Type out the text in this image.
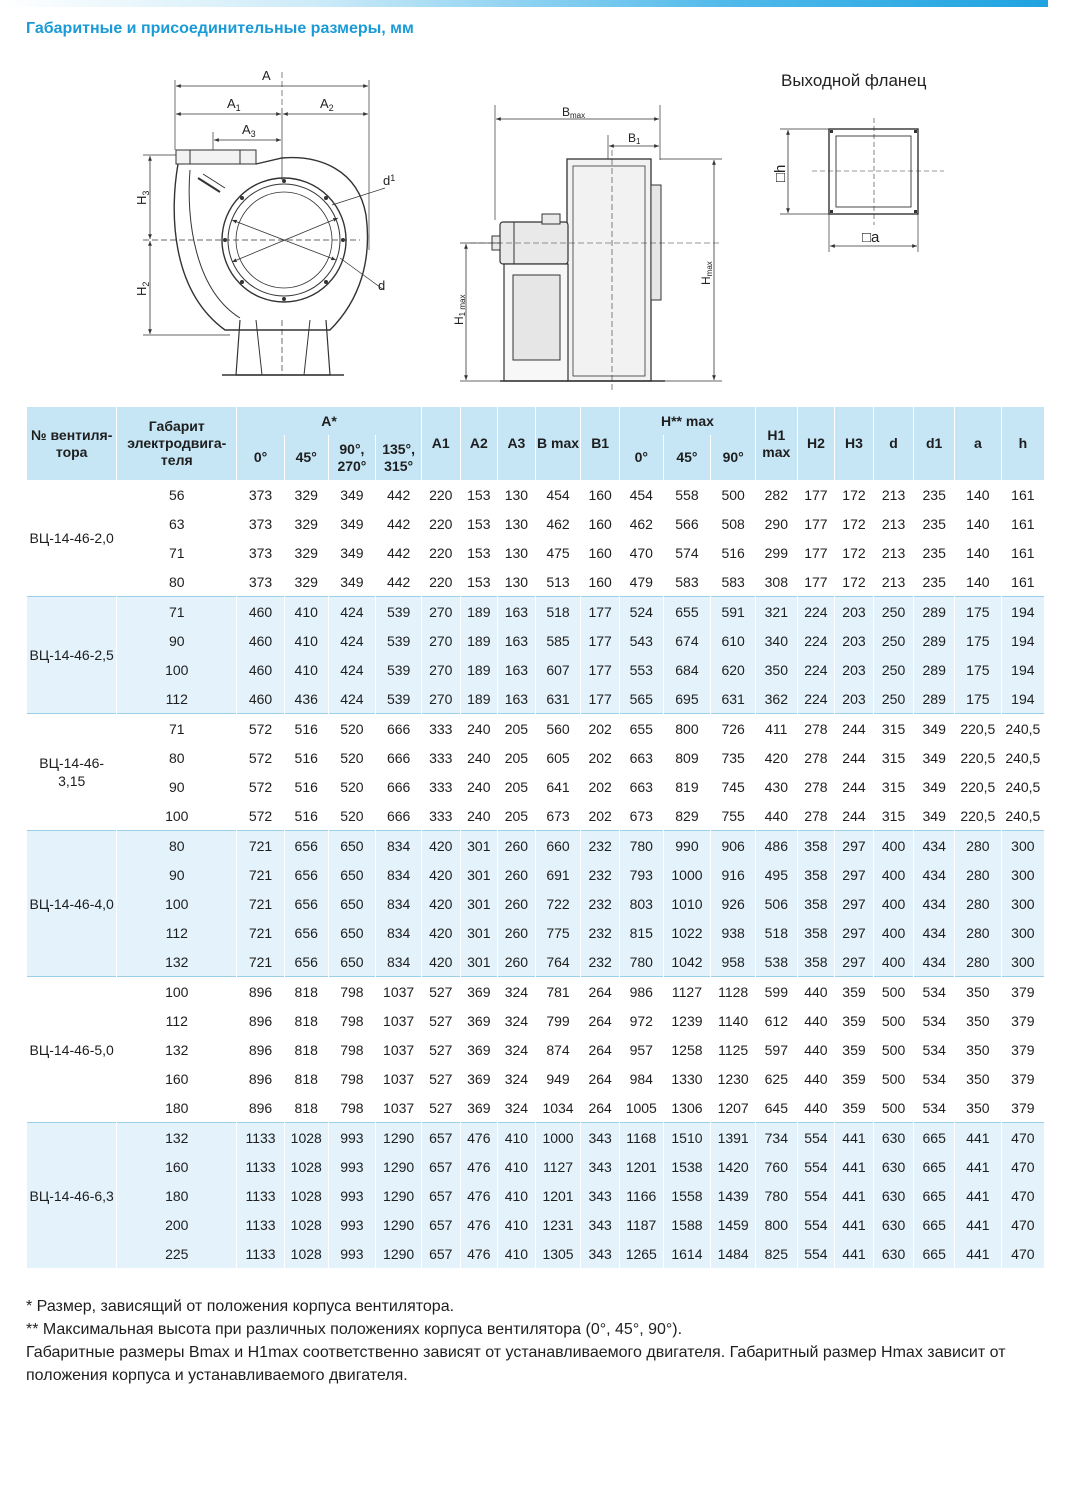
Габаритные и присоединительные размеры, мм
A
$A_1$	$A_2$
$A_3$
$H_3$
$H_2$
$d^1$
d
Bmax
B1
H1 max
Hmax
□h
□a
Выходной фланец
№ вентилятора	Габарит электродвигателя	A*				A1	A2	A3	B max	B1	H** max			H1 max	H2	H3	d	d1	a	h
		0°	45°	90°, 270°	135°, 315°						0°	45°	90°							
ВЦ-14-46-2,0	56	373	329	349	442	220	153	130	454	160	454	558	500	282	177	172	213	235	140	161
	63	373	329	349	442	220	153	130	462	160	462	566	508	290	177	172	213	235	140	161
	71	373	329	349	442	220	153	130	475	160	470	574	516	299	177	172	213	235	140	161
	80	373	329	349	442	220	153	130	513	160	479	583	583	308	177	172	213	235	140	161
ВЦ-14-46-2,5	71	460	410	424	539	270	189	163	518	177	524	655	591	321	224	203	250	289	175	194
	90	460	410	424	539	270	189	163	585	177	543	674	610	340	224	203	250	289	175	194
	100	460	410	424	539	270	189	163	607	177	553	684	620	350	224	203	250	289	175	194
	112	460	436	424	539	270	189	163	631	177	565	695	631	362	224	203	250	289	175	194
ВЦ-14-46-3,15	71	572	516	520	666	333	240	205	560	202	655	800	726	411	278	244	315	349	220,5	240,5
	80	572	516	520	666	333	240	205	605	202	663	809	735	420	278	244	315	349	220,5	240,5
	90	572	516	520	666	333	240	205	641	202	663	819	745	430	278	244	315	349	220,5	240,5
	100	572	516	520	666	333	240	205	673	202	673	829	755	440	278	244	315	349	220,5	240,5
ВЦ-14-46-4,0	80	721	656	650	834	420	301	260	660	232	780	990	906	486	358	297	400	434	280	300
	90	721	656	650	834	420	301	260	691	232	793	1000	916	495	358	297	400	434	280	300
	100	721	656	650	834	420	301	260	722	232	803	1010	926	506	358	297	400	434	280	300
	112	721	656	650	834	420	301	260	775	232	815	1022	938	518	358	297	400	434	280	300
	132	721	656	650	834	420	301	260	764	232	780	1042	958	538	358	297	400	434	280	300
ВЦ-14-46-5,0	100	896	818	798	1037	527	369	324	781	264	986	1127	1128	599	440	359	500	534	350	379
	112	896	818	798	1037	527	369	324	799	264	972	1239	1140	612	440	359	500	534	350	379
	132	896	818	798	1037	527	369	324	874	264	957	1258	1125	597	440	359	500	534	350	379
	160	896	818	798	1037	527	369	324	949	264	984	1330	1230	625	440	359	500	534	350	379
	180	896	818	798	1037	527	369	324	1034	264	1005	1306	1207	645	440	359	500	534	350	379
ВЦ-14-46-6,3	132	1133	1028	993	1290	657	476	410	1000	343	1168	1510	1391	734	554	441	630	665	441	470
	160	1133	1028	993	1290	657	476	410	1127	343	1201	1538	1420	760	554	441	630	665	441	470
	180	1133	1028	993	1290	657	476	410	1201	343	1166	1558	1439	780	554	441	630	665	441	470
	200	1133	1028	993	1290	657	476	410	1231	343	1187	1588	1459	800	554	441	630	665	441	470
	225	1133	1028	993	1290	657	476	410	1305	343	1265	1614	1484	825	554	441	630	665	441	470

* Размер, зависящий от положения корпуса вентилятора.

** Максимальная высота при различных положениях корпуса вентилятора (0°, 45°, 90°).

Габаритные размеры Bmax и H1max соответственно зависят от устанавливаемого двигателя. Габаритный размер Hmax зависит от положения корпуса и устанавливаемого двигателя.
